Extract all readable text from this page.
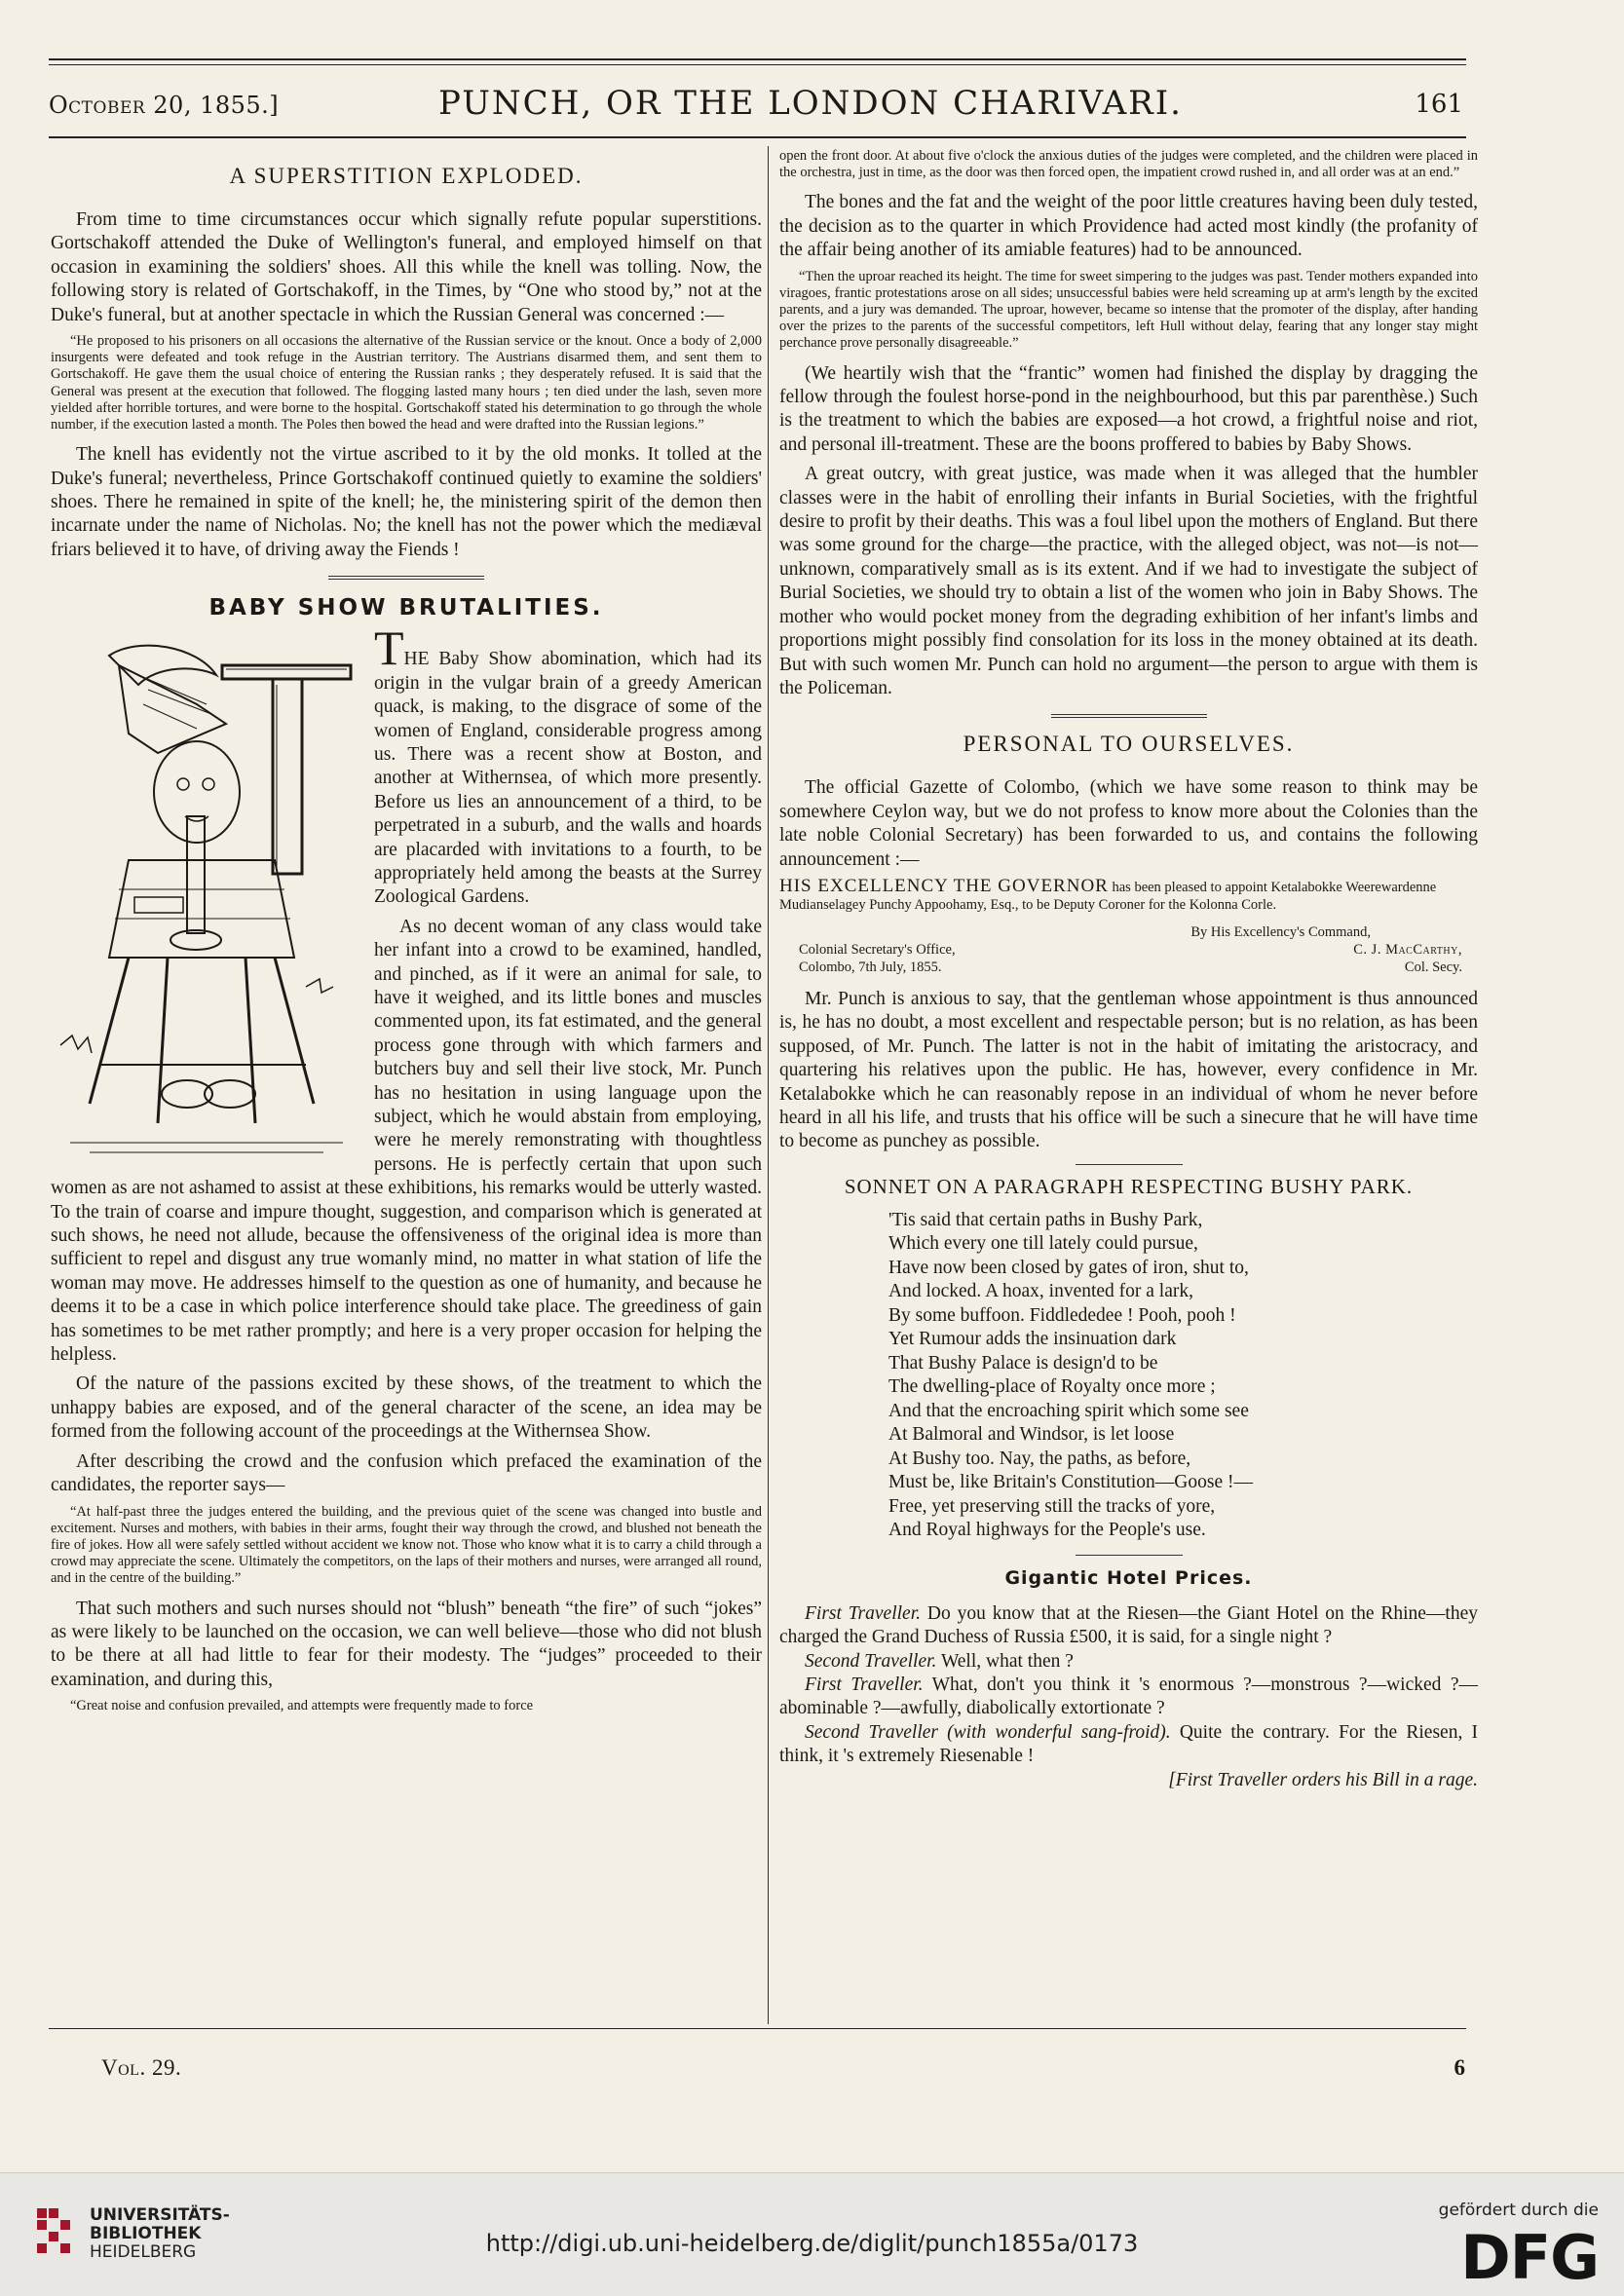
October 20, 1855.]	PUNCH, OR THE LONDON CHARIVARI.	161
A SUPERSTITION EXPLODED.

From time to time circumstances occur which signally refute popular superstitions. Gortschakoff attended the Duke of Wellington's funeral, and employed himself on that occasion in examining the soldiers' shoes. All this while the knell was tolling. Now, the following story is related of Gortschakoff, in the Times, by “One who stood by,” not at the Duke's funeral, but at another spectacle in which the Russian General was concerned :—

“He proposed to his prisoners on all occasions the alternative of the Russian service or the knout. Once a body of 2,000 insurgents were defeated and took refuge in the Austrian territory. The Austrians disarmed them, and sent them to Gortschakoff. He gave them the usual choice of entering the Russian ranks ; they desperately refused. It is said that the General was present at the execution that followed. The flogging lasted many hours ; ten died under the lash, seven more yielded after horrible tortures, and were borne to the hospital. Gortschakoff stated his determination to go through the whole number, if the execution lasted a month. The Poles then bowed the head and were drafted into the Russian legions.”

The knell has evidently not the virtue ascribed to it by the old monks. It tolled at the Duke's funeral; nevertheless, Prince Gortschakoff continued quietly to examine the soldiers' shoes. There he remained in spite of the knell; he, the ministering spirit of the demon then incarnate under the name of Nicholas. No; the knell has not the power which the mediæval friars believed it to have, of driving away the Fiends !

BABY SHOW BRUTALITIES.

THE Baby Show abomination, which had its origin in the vulgar brain of a greedy American quack, is making, to the disgrace of some of the women of England, considerable progress among us. There was a recent show at Boston, and another at Withernsea, of which more presently. Before us lies an announcement of a third, to be perpetrated in a suburb, and the walls and hoards are placarded with invitations to a fourth, to be appropriately held among the beasts at the Surrey Zoological Gardens.

As no decent woman of any class would take her infant into a crowd to be examined, handled, and pinched, as if it were an animal for sale, to have it weighed, and its little bones and muscles commented upon, its fat estimated, and the general process gone through with which farmers and butchers buy and sell their live stock, Mr. Punch has no hesitation in using language upon the subject, which he would abstain from employing, were he merely remonstrating with thoughtless persons. He is perfectly certain that upon such women as are not ashamed to assist at these exhibitions, his remarks would be utterly wasted. To the train of coarse and impure thought, suggestion, and comparison which is generated at such shows, he need not allude, because the offensiveness of the original idea is more than sufficient to repel and disgust any true womanly mind, no matter in what station of life the woman may move. He addresses himself to the question as one of humanity, and because he deems it to be a case in which police interference should take place. The greediness of gain has sometimes to be met rather promptly; and here is a very proper occasion for helping the helpless.

Of the nature of the passions excited by these shows, of the treatment to which the unhappy babies are exposed, and of the general character of the scene, an idea may be formed from the following account of the proceedings at the Withernsea Show.

After describing the crowd and the confusion which prefaced the examination of the candidates, the reporter says—

“At half-past three the judges entered the building, and the previous quiet of the scene was changed into bustle and excitement. Nurses and mothers, with babies in their arms, fought their way through the crowd, and blushed not beneath the fire of jokes. How all were safely settled without accident we know not. Those who know what it is to carry a child through a crowd may appreciate the scene. Ultimately the competitors, on the laps of their mothers and nurses, were arranged all round, and in the centre of the building.”

That such mothers and such nurses should not “blush” beneath “the fire” of such “jokes” as were likely to be launched on the occasion, we can well believe—those who did not blush to be there at all had little to fear for their modesty. The “judges” proceeded to their examination, and during this,

“Great noise and confusion prevailed, and attempts were frequently made to force

open the front door. At about five o'clock the anxious duties of the judges were completed, and the children were placed in the orchestra, just in time, as the door was then forced open, the impatient crowd rushed in, and all order was at an end.”

The bones and the fat and the weight of the poor little creatures having been duly tested, the decision as to the quarter in which Providence had acted most kindly (the profanity of the affair being another of its amiable features) had to be announced.

“Then the uproar reached its height. The time for sweet simpering to the judges was past. Tender mothers expanded into viragoes, frantic protestations arose on all sides; unsuccessful babies were held screaming up at arm's length by the excited parents, and a jury was demanded. The uproar, however, became so intense that the promoter of the display, after handing over the prizes to the parents of the successful competitors, left Hull without delay, fearing that any longer stay might perchance prove personally disagreeable.”

(We heartily wish that the “frantic” women had finished the display by dragging the fellow through the foulest horse-pond in the neighbourhood, but this par parenthèse.) Such is the treatment to which the babies are exposed—a hot crowd, a frightful noise and riot, and personal ill-treatment. These are the boons proffered to babies by Baby Shows.

A great outcry, with great justice, was made when it was alleged that the humbler classes were in the habit of enrolling their infants in Burial Societies, with the frightful desire to profit by their deaths. This was a foul libel upon the mothers of England. But there was some ground for the charge—the practice, with the alleged object, was not—is not—unknown, comparatively small as is its extent. And if we had to investigate the subject of Burial Societies, we should try to obtain a list of the women who join in Baby Shows. The mother who would pocket money from the degrading exhibition of her infant's limbs and proportions might possibly find consolation for its loss in the money obtained at its death. But with such women Mr. Punch can hold no argument—the person to argue with them is the Policeman.

PERSONAL TO OURSELVES.

The official Gazette of Colombo, (which we have some reason to think may be somewhere Ceylon way, but we do not profess to know more about the Colonies than the late noble Colonial Secretary) has been forwarded to us, and contains the following announcement :—

HIS EXCELLENCY THE GOVERNOR has been pleased to appoint Ketalabokke Weerewardenne Mudianselagey Punchy Appoohamy, Esq., to be Deputy Coroner for the Kolonna Corle.
By His Excellency's Command,
Colonial Secretary's Office,	C. J. MacCarthy,
Colombo, 7th July, 1855.	Col. Secy.

Mr. Punch is anxious to say, that the gentleman whose appointment is thus announced is, he has no doubt, a most excellent and respectable person; but is no relation, as has been supposed, of Mr. Punch. The latter is not in the habit of imitating the aristocracy, and quartering his relatives upon the public. He has, however, every confidence in Mr. Ketalabokke which he can reasonably repose in an individual of whom he never before heard in all his life, and trusts that his office will be such a sinecure that he will have time to become as punchey as possible.

SONNET ON A PARAGRAPH RESPECTING BUSHY PARK.
'Tis said that certain paths in Bushy Park,
Which every one till lately could pursue,
Have now been closed by gates of iron, shut to,
And locked. A hoax, invented for a lark,
By some buffoon. Fiddlededee ! Pooh, pooh !
Yet Rumour adds the insinuation dark
That Bushy Palace is design'd to be
The dwelling-place of Royalty once more ;
And that the encroaching spirit which some see
At Balmoral and Windsor, is let loose
At Bushy too. Nay, the paths, as before,
Must be, like Britain's Constitution—Goose !—
Free, yet preserving still the tracks of yore,
And Royal highways for the People's use.
Gigantic Hotel Prices.

First Traveller. Do you know that at the Riesen—the Giant Hotel on the Rhine—they charged the Grand Duchess of Russia £500, it is said, for a single night ?

Second Traveller. Well, what then ?

First Traveller. What, don't you think it 's enormous ?—monstrous ?—wicked ?—abominable ?—awfully, diabolically extortionate ?

Second Traveller (with wonderful sang-froid). Quite the contrary. For the Riesen, I think, it 's extremely Riesenable !

[First Traveller orders his Bill in a rage.

Vol. 29.	6
UNIVERSITÄTS-
BIBLIOTHEK
HEIDELBERG	http://digi.ub.uni-heidelberg.de/diglit/punch1855a/0173
gefördert durch die
DFG
